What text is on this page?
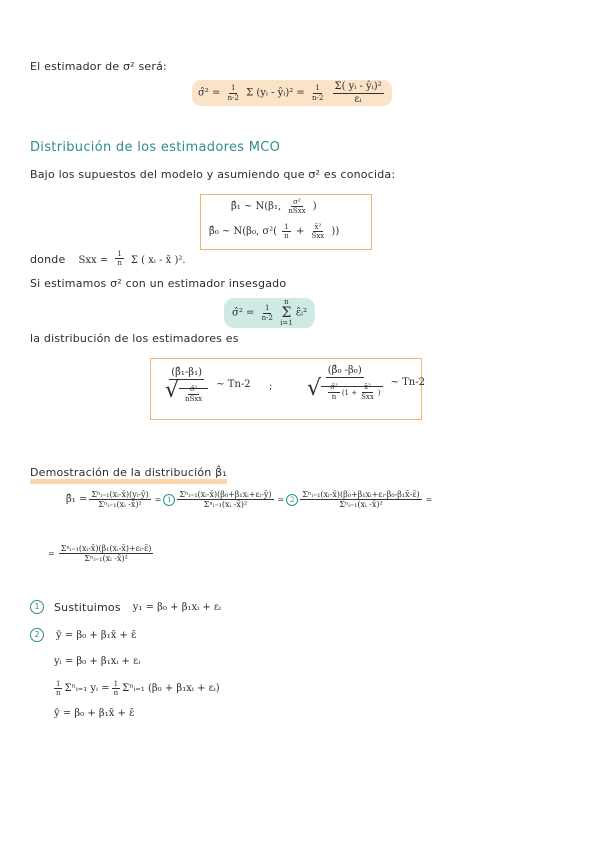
El estimador de σ² será:
σ̂² = $\frac{1}{n-2}$ Σ (yᵢ - ŷᵢ)² = $\frac{1}{n-2}$
$\frac{\text{Σ( yᵢ - ŷᵢ)²}}{\text{εᵢ}}$
Distribución de los estimadores MCO
Bajo los supuestos del modelo y asumiendo que σ² es conocida:
β̂₁ ~ N(β₁, $\frac{\text{σ²}}{\text{nSxx}}$ )
β̂₀ ~ N(β₀, $\sigma^2( \frac{1}{n} + \frac{\text{x̄²}}{\text{Sxx}}$ ))
donde Sxx = $\frac{1}{n}$ Σ ( xᵢ - x̄ )².
Si estimamos σ² con un estimador insesgado
σ̂² = $\frac{1}{n-2}$

n
Σ
i=1
ε̂ᵢ²
la distribución de los estimadores es
$\frac{\text{(β̂₁-β₁)}}{√ \frac{\text{σ̂²}}{\text{nSxx}}}$ ~ Tn-2 ;	$\frac{\text{(β̂₀ -β₀)}}{√ \frac{\text{σ̂²}}{n} (1 + \frac{\text{x̄²}}{\text{Sxx}} )}$ ~ Tn-2
Demostración de la distribución β̂₁
β̂₁ = $\frac{\text{Σⁿᵢ₌₁(xᵢ-x̄)(yᵢ-ȳ)}}{\text{Σⁿᵢ₌₁(xᵢ -x̄)²}} = 1 \frac{\text{Σⁿᵢ₌₁(xᵢ-x̄)(β₀+β₁xᵢ+εᵢ-ȳ)}}{\text{Σⁿᵢ₌₁(xᵢ -x̄)²}} = 2 \frac{\text{Σⁿᵢ₌₁(xᵢ-x̄)(β₀+β₁xᵢ+εᵢ-β₀-β₁x̄-ε̄)}}{\text{Σⁿᵢ₌₁(xᵢ -x̄)²}}$ =
= $\frac{\text{Σⁿᵢ₌₁(xᵢ-x̄)(β₁(xᵢ-x̄)+εᵢ-ε̄)}}{\text{Σⁿᵢ₌₁(xᵢ -x̄)²}}$
1	Sustituimos y₁ = β₀ + β₁xᵢ + εᵢ
2	ȳ = β₀ + β₁x̄ + ε̄
yᵢ = β₀ + β₁xᵢ + εᵢ
$\frac{1}{n}$ Σⁿᵢ₌₁ yᵢ = $\frac{1}{n}$ Σⁿᵢ₌₁ (β₀ + β₁xᵢ + εᵢ)
ȳ = β₀ + β₁x̄ + ε̄
